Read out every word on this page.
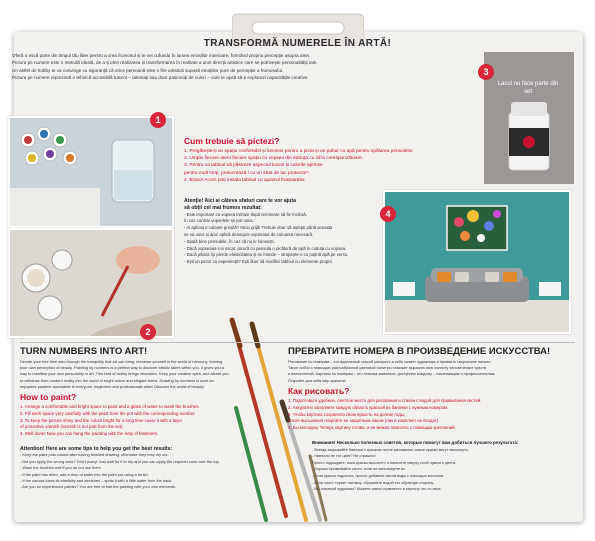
TRANSFORMĂ NUMERELE ÎN ARTĂ!

Oferă o mică parte din timpul tău liber pentru a crea frumosul și te vei cufunda în lumea emoțiilor interioare, formând propria percepție asupra artei.

Pictura pe numere este o metodă ideală, de a-ți oferi realizarea și transformarea în realitate a unei direcții artistice care se potrivește personalității tale.

Un astfel de hobby te va convinge cu siguranță că orice persoană este o fire artistică supusă emoțiilor pure de percepție a frumosului.

Pictura pe numere reprezintă o tehnică accesibilă tuturor – talentați sau doar pasionați de culori – care te ajută să-ți explorezi capacitățile creative.

3
Lacul nu face parte din set
1
2
Cum trebuie să pictezi?
1. Pregătește-ți un spațiu confortabil și luminos pentru a picta și un pahar cu apă pentru spălarea pensulelor.
2. Umple fiecare atent fiecare spațiu cu vopsea din sticluța cu cifra corespunzătoare.
3. Pentru ca tabloul să păstreze aspectul lucios și culorile aprinse
pentru mult timp, prelucrează-l cu un strat de lac protector*.
4. Bravo! Acum poți instala tabloul cu ajutorul fixatoarelor.
Atenție! Aici ai câteva sfaturi care te vor ajuta
să obții cel mai frumos rezultat:
- Este important ca vopsea trebuie după terminare să fie închisă.
În caz contrar vopselele se pot usca.
- Ai aplicat o culoare greșită? Nicio grijă! Trebuie doar să aștepți până aceasta
se va usca și apoi aplică deasupra vopseaua de culoarea necesară.
- Spală bine pensulele, în caz că nu le folosești.
- Dacă vopseaua s-a uscat, picură cu pensula o picătură de apă în cutiuța cu vopsea.
- Dacă pânza își pierde elasticitatea și se întinde – stropește-o cu puțină apă pe verso.
- Ești un pictor cu experiență? Ești liber să modifici tabloul cu elemente proprii.
4
TURN NUMBERS INTO ART!
Devote your free time also through the tranquility that art can bring, immerse yourself in the world of harmony, forming
your own perception of beauty. Painting by numbers is a perfect way to discover artistic talent within you. It gives you a
way to manifest your own personality in art. This kind of hobby brings relaxation. Keep your creative spirit, and allows you
to withdraw from modern reality into the world of bright colors and elegant forms. Drawing by numbers is such an
enjoyable pastime accessible to everyone, beginners and professionals alike! Discover the world of beauty!
How to paint?
1. Arrange a comfortable and bright space to paint and a glass of water to wash the brushes.
2. Fill each space very carefully with the paint from the pot with the corresponding number.
3. To keep the picture shiny and the colors bright for a long time cover it with a layer
of protective varnish (varnish is not part from the set).
4. Well done! Now you can hang the painting with the help of fasteners.
Attention! Here are some tips to help you get the best results:
- Keep the paint pots closed after having finished drawing, otherwise they may dry out.
- Did you apply the wrong color? Don't worry! Just wait for it to dry and you can apply the required color over the top.
- Wash the brushes well if you do not use them.
- If the paint has dried, add a drop of water into the paint pot using a brush.
- If the canvas loses its elasticity and stretches – spritz it with a little water from the back.
- Are you an experienced painter? You are free to edit the painting with your own elements.
ПРЕВРАТИТЕ НОМЕРА В ПРОИЗВЕДЕНИЕ ИСКУССТВА!
Рисование по номерам – это идеальный способ раскрыть в себе талант художника и проявить творческое начало.
Такое хобби с помощью разнообразной цветовой палитры поможет выразить всю полноту человеческих чувств
и впечатлений. Картины по номерам – это техника живописи, доступная каждому – начинающим и профессионалам.
Откройте для себя мир красоты!
Как рисовать?
1. Подготовьте удобное, светлое место для рисования и стакан с водой для промывания кистей.
2. Аккуратно заполните каждую область краской из баночки с нужным номером.
3. Чтобы картина сохраняла свою яркость на долгие годы,
после высыхания покройте ее защитным лаком (лак в комплект не входит).
4. Вы молодец! Теперь картину готова, и ее можно повесить с помощью креплений.
Внимание! Несколько полезных советов, которые помогут вам добиться лучшего результата:
- Всегда закрывайте баночки с краскою после рисования, иначе краски могут высохнуть.
- Нанесли не тот цвет? Не страшно!
Просто подождите, пока краска высохнет, а нанесите сверху слой нужного цвета.
- Хорошо промывайте кисти, если не используете их.
- Если краска подсохла, просто добавьте капли воды с помощью кисточки.
- Если холст теряет натяжку, сбрызните водой его обратную сторону.
- Вы опытный художник? Можете смело привнести в картину что-то свое.
